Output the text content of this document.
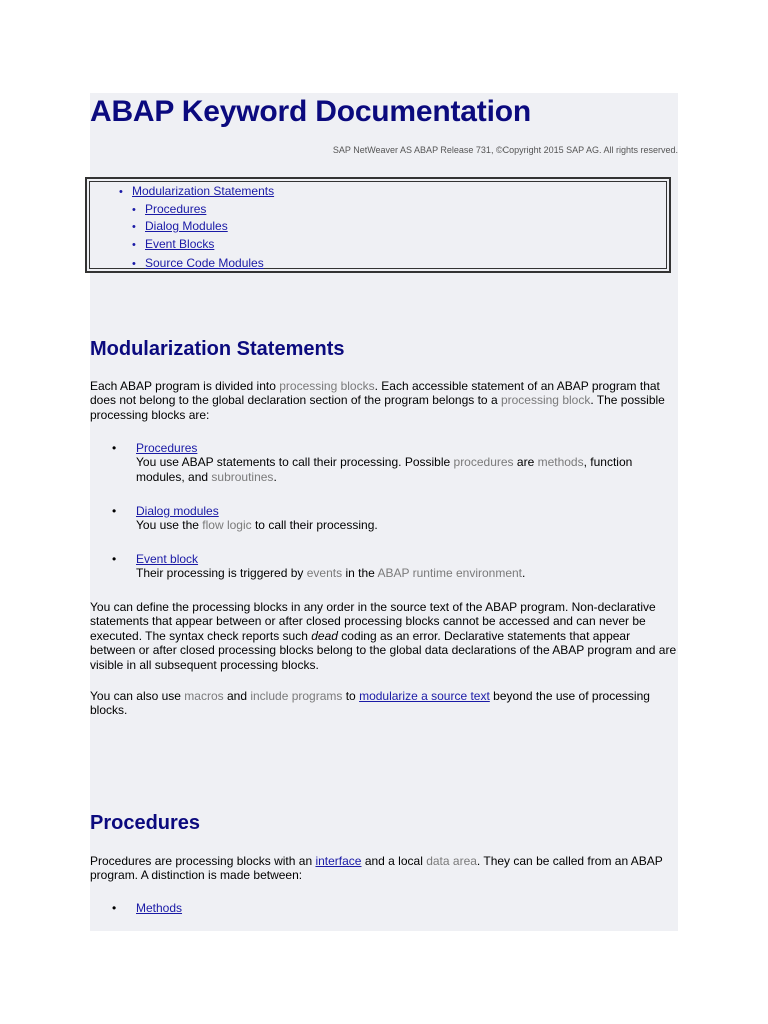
ABAP Keyword Documentation
SAP NetWeaver AS ABAP Release 731, ©Copyright 2015 SAP AG. All rights reserved.
• Modularization Statements
• Procedures
• Dialog Modules
• Event Blocks
• Source Code Modules
Modularization Statements

Each ABAP program is divided into processing blocks. Each accessible statement of an ABAP program that does not belong to the global declaration section of the program belongs to a processing block. The possible processing blocks are:

• Procedures
You use ABAP statements to call their processing. Possible procedures are methods, function modules, and subroutines.
• Dialog modules
You use the flow logic to call their processing.
• Event block
Their processing is triggered by events in the ABAP runtime environment.

You can define the processing blocks in any order in the source text of the ABAP program. Non-declarative statements that appear between or after closed processing blocks cannot be accessed and can never be executed. The syntax check reports such dead coding as an error. Declarative statements that appear between or after closed processing blocks belong to the global data declarations of the ABAP program and are visible in all subsequent processing blocks.

You can also use macros and include programs to modularize a source text beyond the use of processing blocks.

Procedures

Procedures are processing blocks with an interface and a local data area. They can be called from an ABAP program. A distinction is made between:

• Methods
